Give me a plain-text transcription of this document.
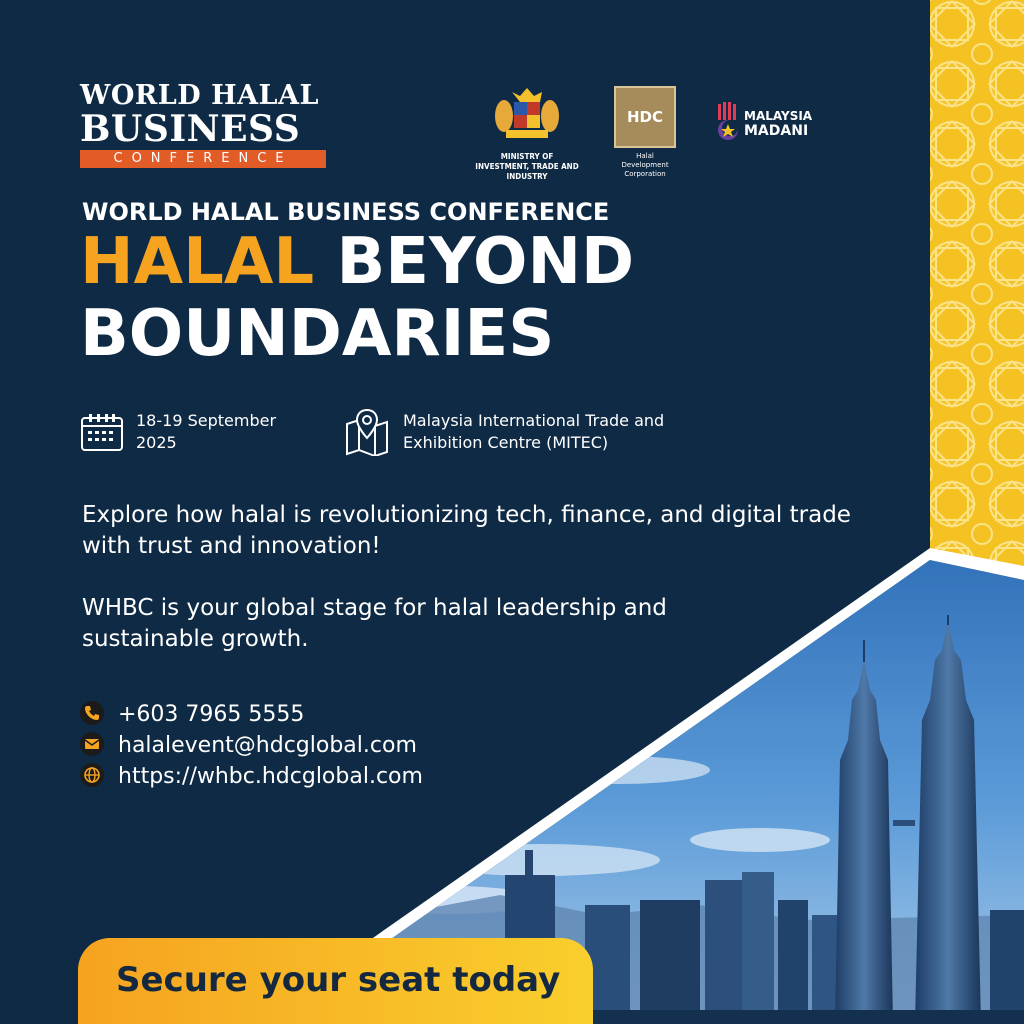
WORLD HALAL
BUSINESS
CONFERENCE	MINISTRY OF
INVESTMENT, TRADE AND INDUSTRY
HDC
Halal Development
Corporation
MALAYSIA
MADANI
WORLD HALAL BUSINESS CONFERENCE
HALAL BEYOND
BOUNDARIES
18-19 September
2025
Malaysia International Trade and
Exhibition Centre (MITEC)
Explore how halal is revolutionizing tech, finance, and digital trade with trust and innovation!
WHBC is your global stage for halal leadership and sustainable growth.
+603 7965 5555
halalevent@hdcglobal.com
https://whbc.hdcglobal.com
Secure your seat today
